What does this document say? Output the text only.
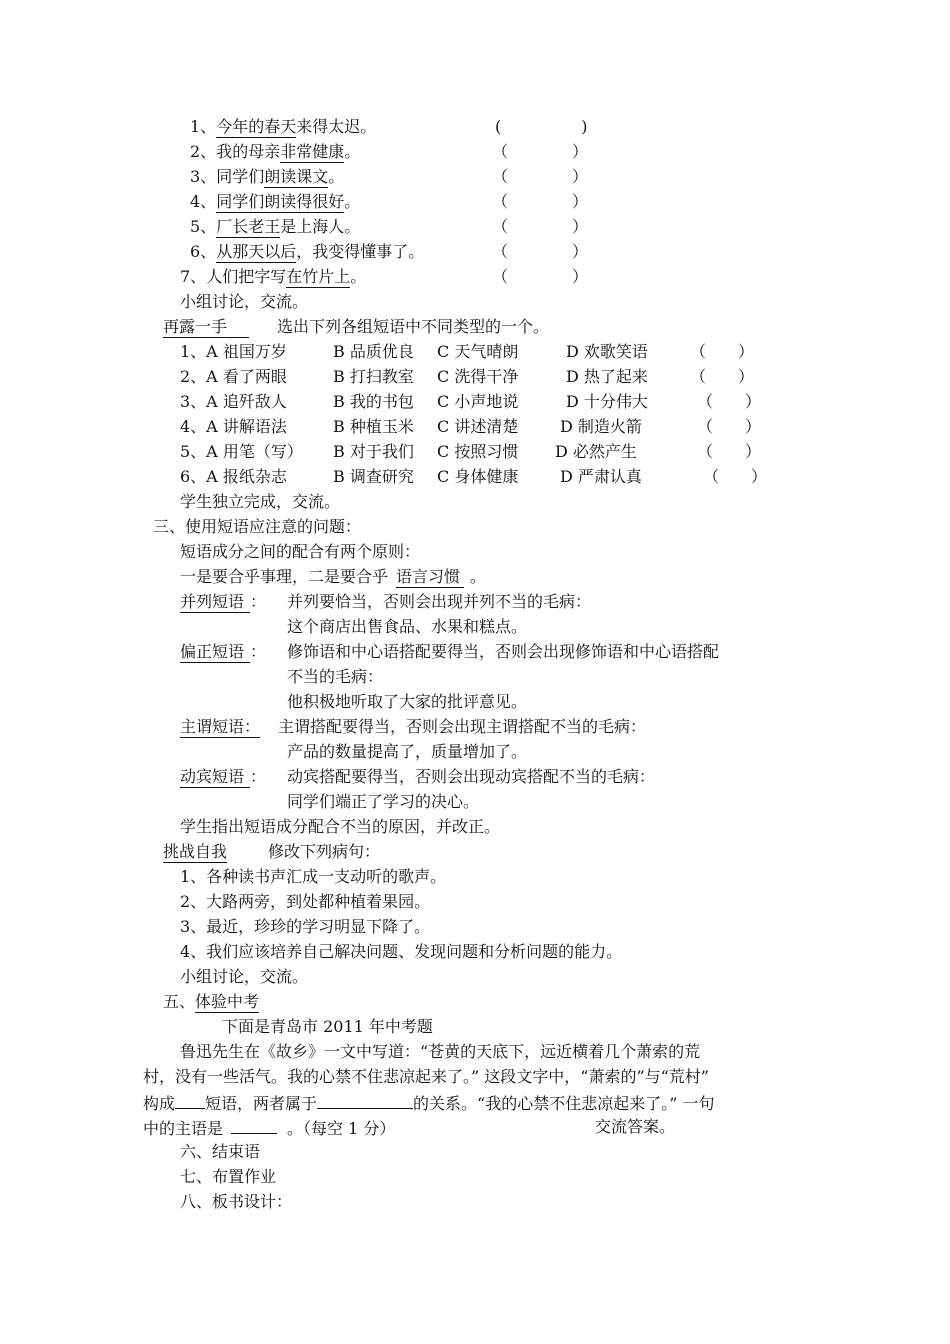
1、今年的春天来得太迟。	(　　　　　)
2、我的母亲非常健康。	（　　　　）
3、同学们朗读课文。	（　　　　）
4、同学们朗读得很好。	（　　　　）
5、厂长老王是上海人。	（　　　　）
6、从那天以后，我变得懂事了。	（　　　　）
7、人们把字写在竹片上。	（　　　　）
小组讨论，交流。
再露一手	选出下列各组短语中不同类型的一个。
1、A 祖国万岁	B 品质优良 C 天气晴朗	D 欢歌笑语	（　　）
2、A 看了两眼	B 打扫教室 C 洗得干净	D 热了起来	（　　）
3、A 追歼敌人	B 我的书包 C 小声地说	D 十分伟大	（　　）
4、A 讲解语法	B 种植玉米 C 讲述清楚	D 制造火箭	（　　）
5、A 用笔（写） B 对于我们 C 按照习惯 D 必然产生	（　　）
6、A 报纸杂志	B 调查研究 C 身体健康	D 严肃认真	（　　）
学生独立完成，交流。
三、使用短语应注意的问题：
短语成分之间的配合有两个原则：
一是要合乎事理，二是要合乎 语言习惯 。
并列短语 ： 并列要恰当，否则会出现并列不当的毛病：
这个商店出售食品、水果和糕点。
偏正短语 ： 修饰语和中心语搭配要得当，否则会出现修饰语和中心语搭配
不当的毛病：
他积极地听取了大家的批评意见。
主谓短语： 主谓搭配要得当，否则会出现主谓搭配不当的毛病：
产品的数量提高了，质量增加了。
动宾短语 ： 动宾搭配要得当，否则会出现动宾搭配不当的毛病：
同学们端正了学习的决心。
学生指出短语成分配合不当的原因，并改正。
挑战自我	修改下列病句：
1、各种读书声汇成一支动听的歌声。
2、大路两旁，到处都种植着果园。
3、最近，珍珍的学习明显下降了。
4、我们应该培养自己解决问题、发现问题和分析问题的能力。
小组讨论，交流。
五、体验中考
下面是青岛市 2011 年中考题
鲁迅先生在《故乡》一文中写道：“苍黄的天底下，远近横着几个萧索的荒
村，没有一些活气。我的心禁不住悲凉起来了。” 这段文字中，“萧索的”与“荒村”
构成 短语，两者属于	的关系。“我的心禁不住悲凉起来了。” 一句
中的主语是	。（每空 1 分）	交流答案。
六、结束语
七、布置作业
八、板书设计：
